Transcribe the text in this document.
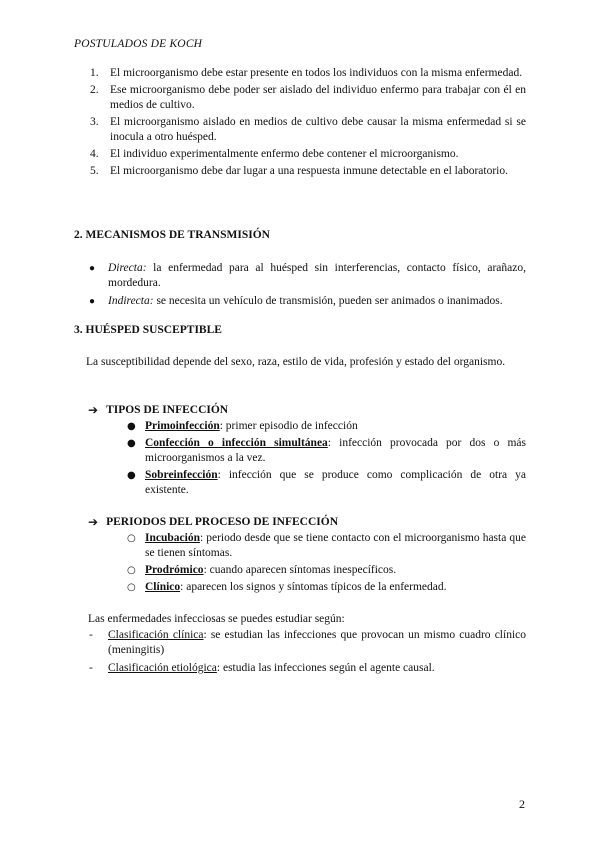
POSTULADOS DE KOCH
1. El microorganismo debe estar presente en todos los individuos con la misma enfermedad.
2. Ese microorganismo debe poder ser aislado del individuo enfermo para trabajar con él en medios de cultivo.
3. El microorganismo aislado en medios de cultivo debe causar la misma enfermedad si se inocula a otro huésped.
4. El individuo experimentalmente enfermo debe contener el microorganismo.
5. El microorganismo debe dar lugar a una respuesta inmune detectable en el laboratorio.
2. MECANISMOS DE TRANSMISIÓN
● Directa: la enfermedad para al huésped sin interferencias, contacto físico, arañazo, mordedura.
● Indirecta: se necesita un vehículo de transmisión, pueden ser animados o inanimados.
3. HUÉSPED SUSCEPTIBLE
La susceptibilidad depende del sexo, raza, estilo de vida, profesión y estado del organismo.
➔ TIPOS DE INFECCIÓN
● Primoinfección: primer episodio de infección
● Confección o infección simultánea: infección provocada por dos o más microorganismos a la vez.
● Sobreinfección: infección que se produce como complicación de otra ya existente.
➔ PERIODOS DEL PROCESO DE INFECCIÓN
○ Incubación: periodo desde que se tiene contacto con el microorganismo hasta que se tienen síntomas.
○ Prodrómico: cuando aparecen síntomas inespecíficos.
○ Clínico: aparecen los signos y síntomas típicos de la enfermedad.
Las enfermedades infecciosas se puedes estudiar según:
- Clasificación clínica: se estudian las infecciones que provocan un mismo cuadro clínico (meningitis)
- Clasificación etiológica: estudia las infecciones según el agente causal.
2
